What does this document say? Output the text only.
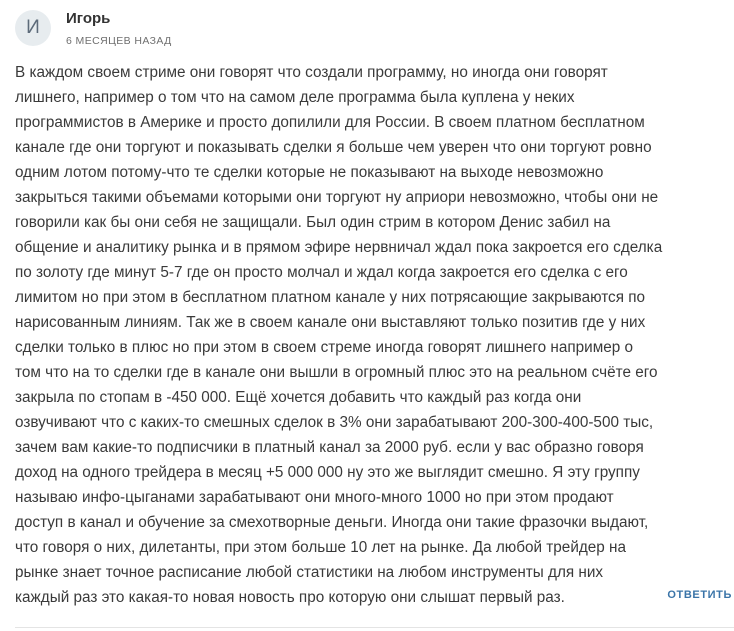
И	Игорь
6 МЕСЯЦЕВ НАЗАД
В каждом своем стриме они говорят что создали программу, но иногда они говорят
лишнего, например о том что на самом деле программа была куплена у неких
программистов в Америке и просто допилили для России. В своем платном бесплатном
канале где они торгуют и показывать сделки я больше чем уверен что они торгуют ровно
одним лотом потому-что те сделки которые не показывают на выходе невозможно
закрыться такими объемами которыми они торгуют ну априори невозможно, чтобы они не
говорили как бы они себя не защищали. Был один стрим в котором Денис забил на
общение и аналитику рынка и в прямом эфире нервничал ждал пока закроется его сделка
по золоту где минут 5-7 где он просто молчал и ждал когда закроется его сделка с его
лимитом но при этом в бесплатном платном канале у них потрясающие закрываются по
нарисованным линиям. Так же в своем канале они выставляют только позитив где у них
сделки только в плюс но при этом в своем стреме иногда говорят лишнего например о
том что на то сделки где в канале они вышли в огромный плюс это на реальном счёте его
закрыла по стопам в -450 000. Ещё хочется добавить что каждый раз когда они
озвучивают что с каких-то смешных сделок в 3% они зарабатывают 200-300-400-500 тыс,
зачем вам какие-то подписчики в платный канал за 2000 руб. если у вас образно говоря
доход на одного трейдера в месяц +5 000 000 ну это же выглядит смешно. Я эту группу
называю инфо-цыганами зарабатывают они много-много 1000 но при этом продают
доступ в канал и обучение за смехотворные деньги. Иногда они такие фразочки выдают,
что говоря о них, дилетанты, при этом больше 10 лет на рынке. Да любой трейдер на
рынке знает точное расписание любой статистики на любом инструменты для них
каждый раз это какая-то новая новость про которую они слышат первый раз.	ОТВЕТИТЬ
